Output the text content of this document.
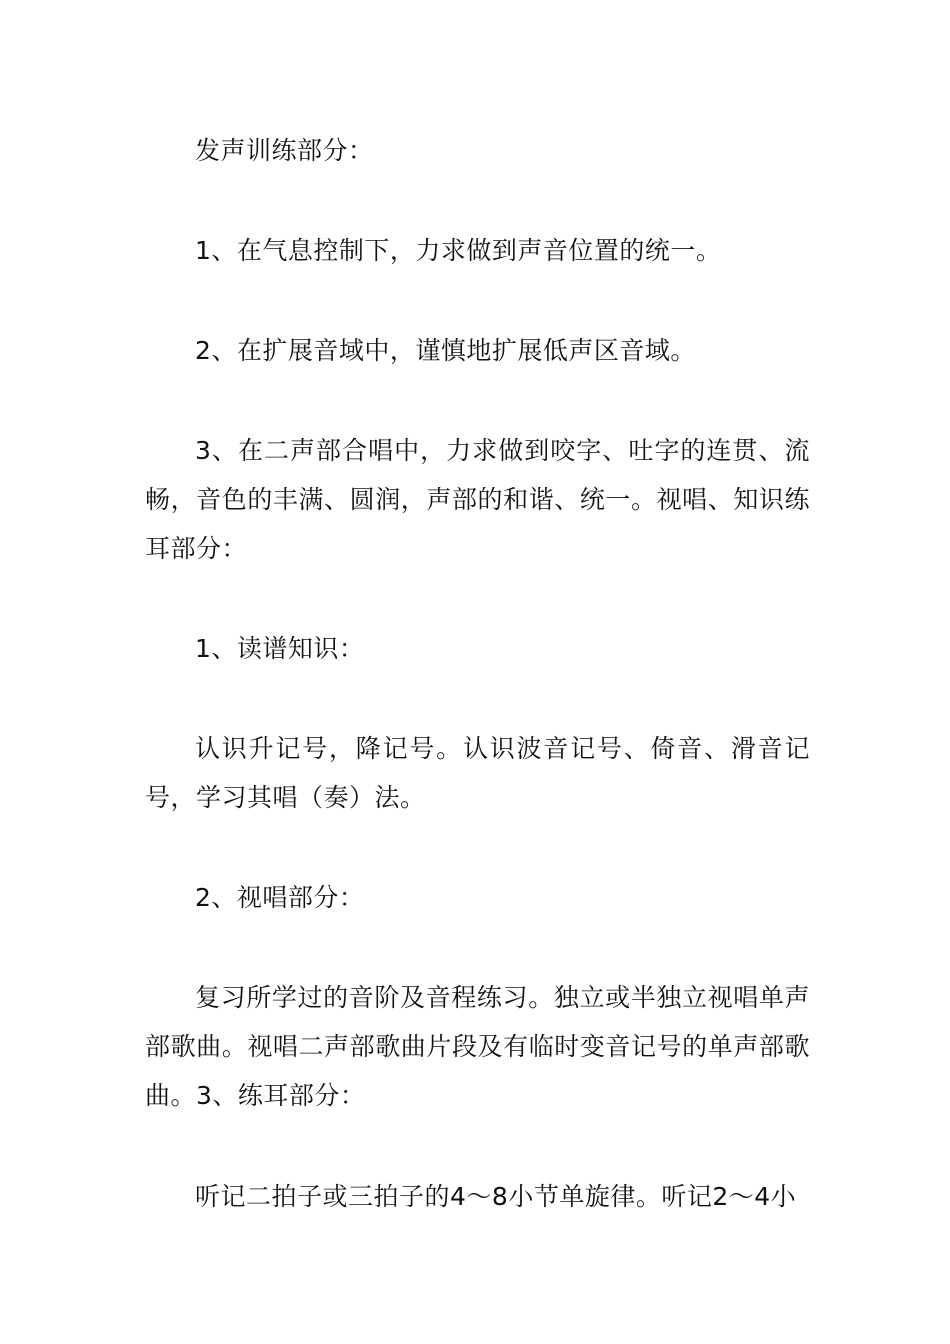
发声训练部分：

1、在气息控制下，力求做到声音位置的统一。

2、在扩展音域中，谨慎地扩展低声区音域。

3、在二声部合唱中，力求做到咬字、吐字的连贯、流畅，音色的丰满、圆润，声部的和谐、统一。视唱、知识练耳部分：

1、读谱知识：

认识升记号，降记号。认识波音记号、倚音、滑音记号，学习其唱（奏）法。

2、视唱部分：

复习所学过的音阶及音程练习。独立或半独立视唱单声部歌曲。视唱二声部歌曲片段及有临时变音记号的单声部歌曲。3、练耳部分：

听记二拍子或三拍子的4～8小节单旋律。听记2～4小
